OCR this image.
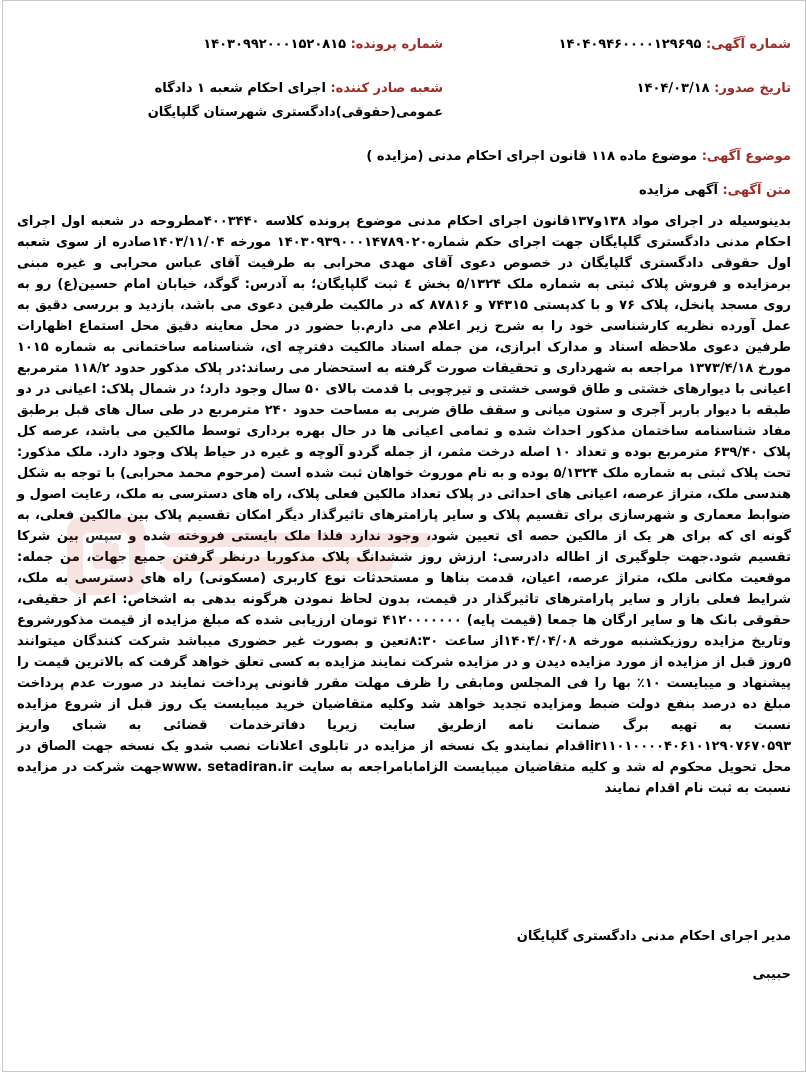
شماره آگهی: ۱۴۰۴۰۹۴۶۰۰۰۰۱۲۹۶۹۵
شماره پرونده: ۱۴۰۳۰۹۹۲۰۰۰۱۵۲۰۸۱۵
تاریخ صدور: ۱۴۰۴/۰۳/۱۸
شعبه صادر کننده: اجرای احکام شعبه ۱ دادگاه عمومی(حقوقی)دادگستری شهرستان گلپایگان
موضوع آگهی: موضوع ماده ۱۱۸ قانون اجرای احکام مدنی (مزایده )
متن آگهی: آگهی مزایده

بدینوسیله در اجرای مواد ۱۳۸و۱۳۷قانون اجرای احکام مدنی موضوع پرونده کلاسه ۴۰۰۳۴۴۰مطروحه در شعبه اول اجرای احکام مدنی دادگستری گلپایگان جهت اجرای حکم شماره۱۴۰۳۰۹۳۹۰۰۰۱۴۷۸۹۰۲۰ مورخه ۱۴۰۳/۱۱/۰۴صادره از سوی شعبه اول حقوقی دادگستری گلپایگان در خصوص دعوی آقای مهدی محرابی به طرفیت آقای عباس محرابی و غیره مبنی برمزایده و فروش پلاک ثبتی به شماره ملک ۵/۱۳۲۴ بخش ٤ ثبت گلپایگان؛ به آدرس: گوگد، خیابان امام حسین(ع) رو به روی مسجد پانخل، پلاک ۷۶ و با کدپستی ۷۴۳۱۵ و ۸۷۸۱۶ که در مالکیت طرفین دعوی می باشد، بازدید و بررسی دقیق به عمل آورده نظریه کارشناسی خود را به شرح زیر اعلام می دارم.با حضور در محل معاینه دقیق محل استماع اظهارات طرفین دعوی ملاحظه اسناد و مدارک ابرازی، من جمله اسناد مالکیت دفترچه ای، شناسنامه ساختمانی به شماره ۱۰۱۵ مورخ ۱۳۷۳/۴/۱۸ مراجعه به شهرداری و تحقیقات صورت گرفته به استحضار می رساند:در پلاک مذکور حدود ۱۱۸/۲ مترمربع اعیانی با دیوارهای خشتی و طاق قوسی خشتی و تیرچوبی با قدمت بالای ۵۰ سال وجود دارد؛ در شمال پلاک: اعیانی در دو طبقه با دیوار باربر آجری و ستون میانی و سقف طاق ضربی به مساحت حدود ۲۴۰ مترمربع در طی سال های قبل برطبق مفاد شناسنامه ساختمان مذکور احداث شده و تمامی اعیانی ها در حال بهره برداری توسط مالکین می باشد، عرصه کل پلاک ۶۳۹/۴۰ مترمربع بوده و تعداد ۱۰ اصله درخت مثمر، از جمله گردو آلوچه و غیره در حیاط پلاک وجود دارد. ملک مذکور: تحت پلاک ثبتی به شماره ملک ۵/۱۳۲۴ بوده و به نام موروث خواهان ثبت شده است (مرحوم محمد محرابی) با توجه به شکل هندسی ملک، متراژ عرصه، اعیانی های احداثی در پلاک تعداد مالکین فعلی پلاک، راه های دسترسی به ملک، رعایت اصول و ضوابط معماری و شهرسازی برای تقسیم پلاک و سایر پارامترهای تاثیرگذار دیگر امکان تقسیم پلاک بین مالکین فعلی، به گونه ای که برای هر یک از مالکین حصه ای تعیین شود، وجود ندارد فلذا ملک بایستی فروخته شده و سپس بین شرکا تقسیم شود.جهت جلوگیری از اطاله دادرسی: ارزش روز ششدانگ پلاک مذکوربا درنظر گرفتن جمیع جهات، من جمله: موقعیت مکانی ملک، متراژ عرصه، اعیان، قدمت بناها و مستحدثات نوع کاربری (مسکونی) راه های دسترسی به ملک، شرایط فعلی بازار و سایر پارامترهای تاثیرگذار در قیمت، بدون لحاظ نمودن هرگونه بدهی به اشخاص: اعم از حقیقی، حقوقی بانک ها و سایر ارگان ها جمعا (قیمت پایه) ۴۱۲۰۰۰۰۰۰۰ تومان ارزیابی شده که مبلغ مزایده از قیمت مذکورشروع وتاریخ مزایده روزیکشنبه مورخه ۱۴۰۴/۰۴/۰۸از ساعت ۸:۳۰تعین و بصورت غیر حضوری میباشد شرکت کنندگان میتوانند ۵روز قبل از مزایده از مورد مزایده دیدن و در مزایده شرکت نمایند مزایده به کسی تعلق خواهد گرفت که بالاترین قیمت را پیشنهاد و میبایست ۱۰٪ بها را فی المجلس ومابقی را ظرف مهلت مقرر قانونی پرداخت نمایند در صورت عدم پرداخت مبلغ ده درصد بنفع دولت ضبط ومزایده تجدید خواهد شد وکلیه متقاضیان خرید میبایست یک روز قبل از شروع مزایده نسبت به تهیه برگ ضمانت نامه ازطریق سایت زیریا دفاترخدمات قضائی به شبای واریز ir۱۱۰۱۰۰۰۰۴۰۶۱۰۱۲۹۰۷۶۷۰۵۹۳اقدام نمایندو یک نسخه از مزایده در تابلوی اعلانات نصب شدو یک نسخه جهت الصاق در محل تحویل محکوم له شد و کلیه متقاضیان میبایست الزامابامراجعه به سایت www. setadiran.irجهت شرکت در مزایده نسبت به ثبت نام اقدام نمایند

مدیر اجرای احکام مدنی دادگستری گلپایگان
حبیبی
